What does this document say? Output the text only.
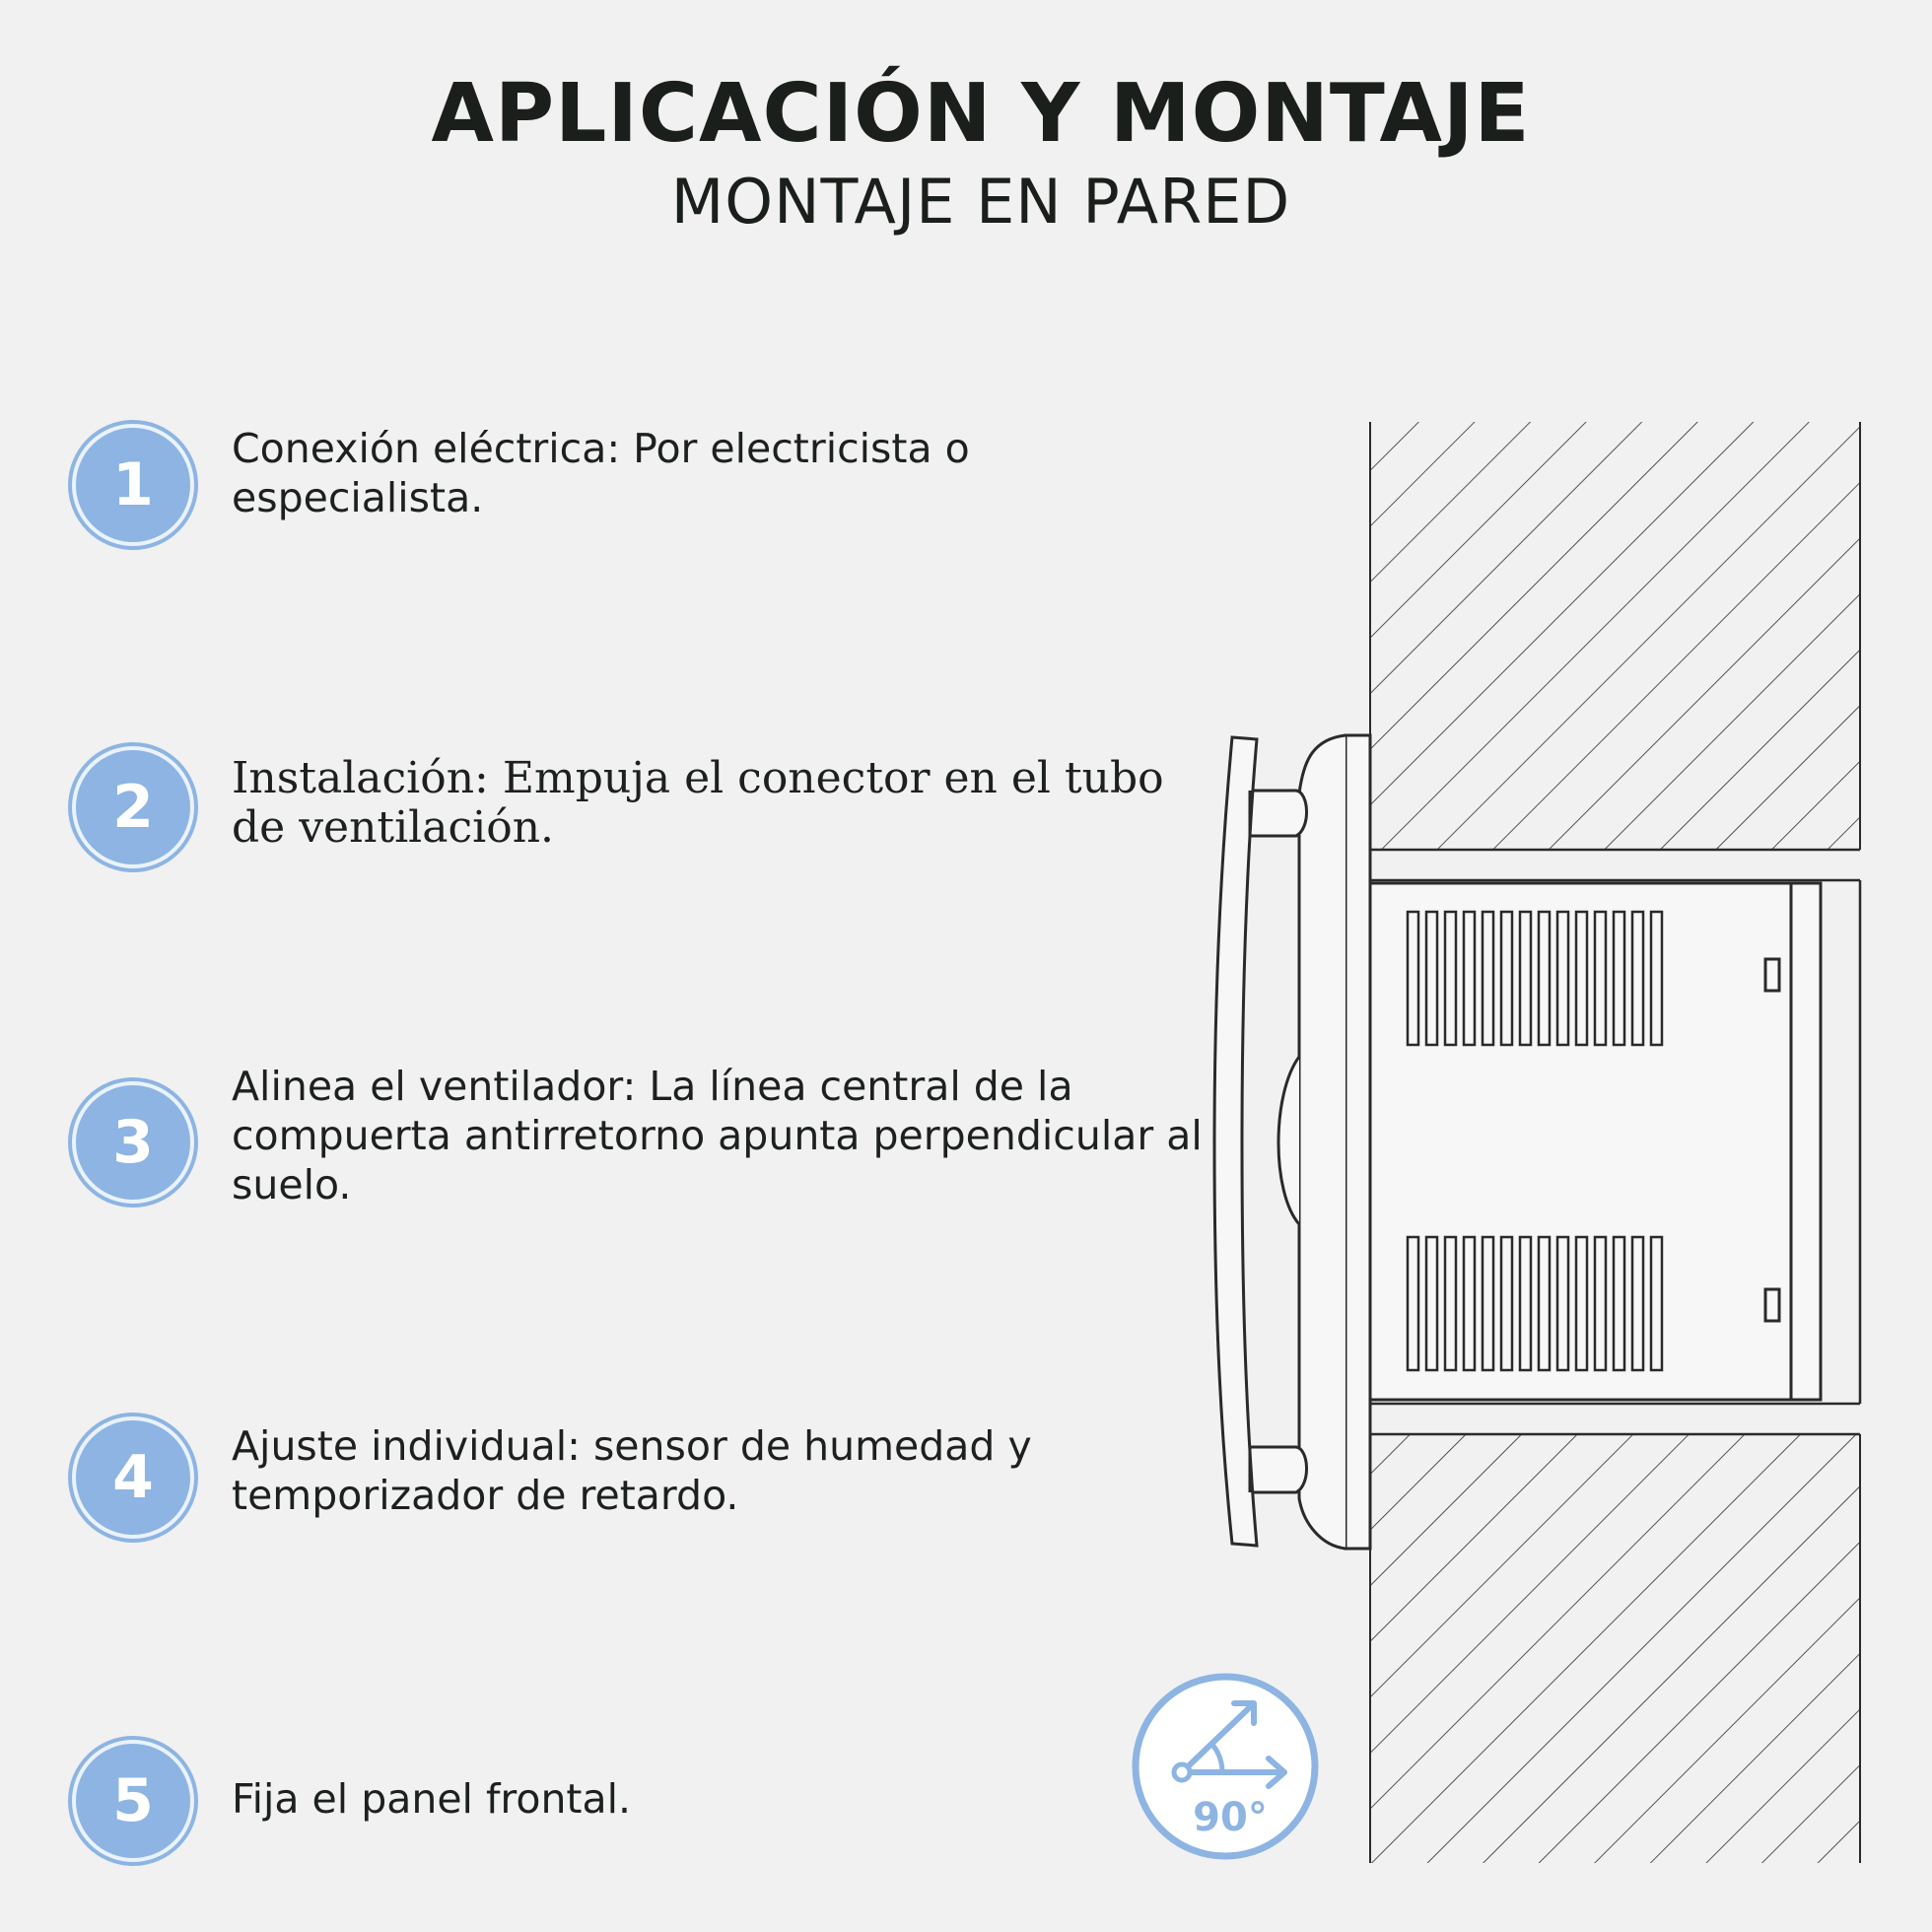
APLICACIÓN Y MONTAJE
MONTAJE EN PARED
1
Conexión eléctrica: Por electricista o especialista.
2	Instalación: Empuja el conector en el tubo de ventilación.
3
Alinea el ventilador: La línea central de la compuerta antirretorno apunta perpendicular al suelo.
4	Ajuste individual: sensor de humedad y temporizador de retardo.
5	Fija el panel frontal.	90°
